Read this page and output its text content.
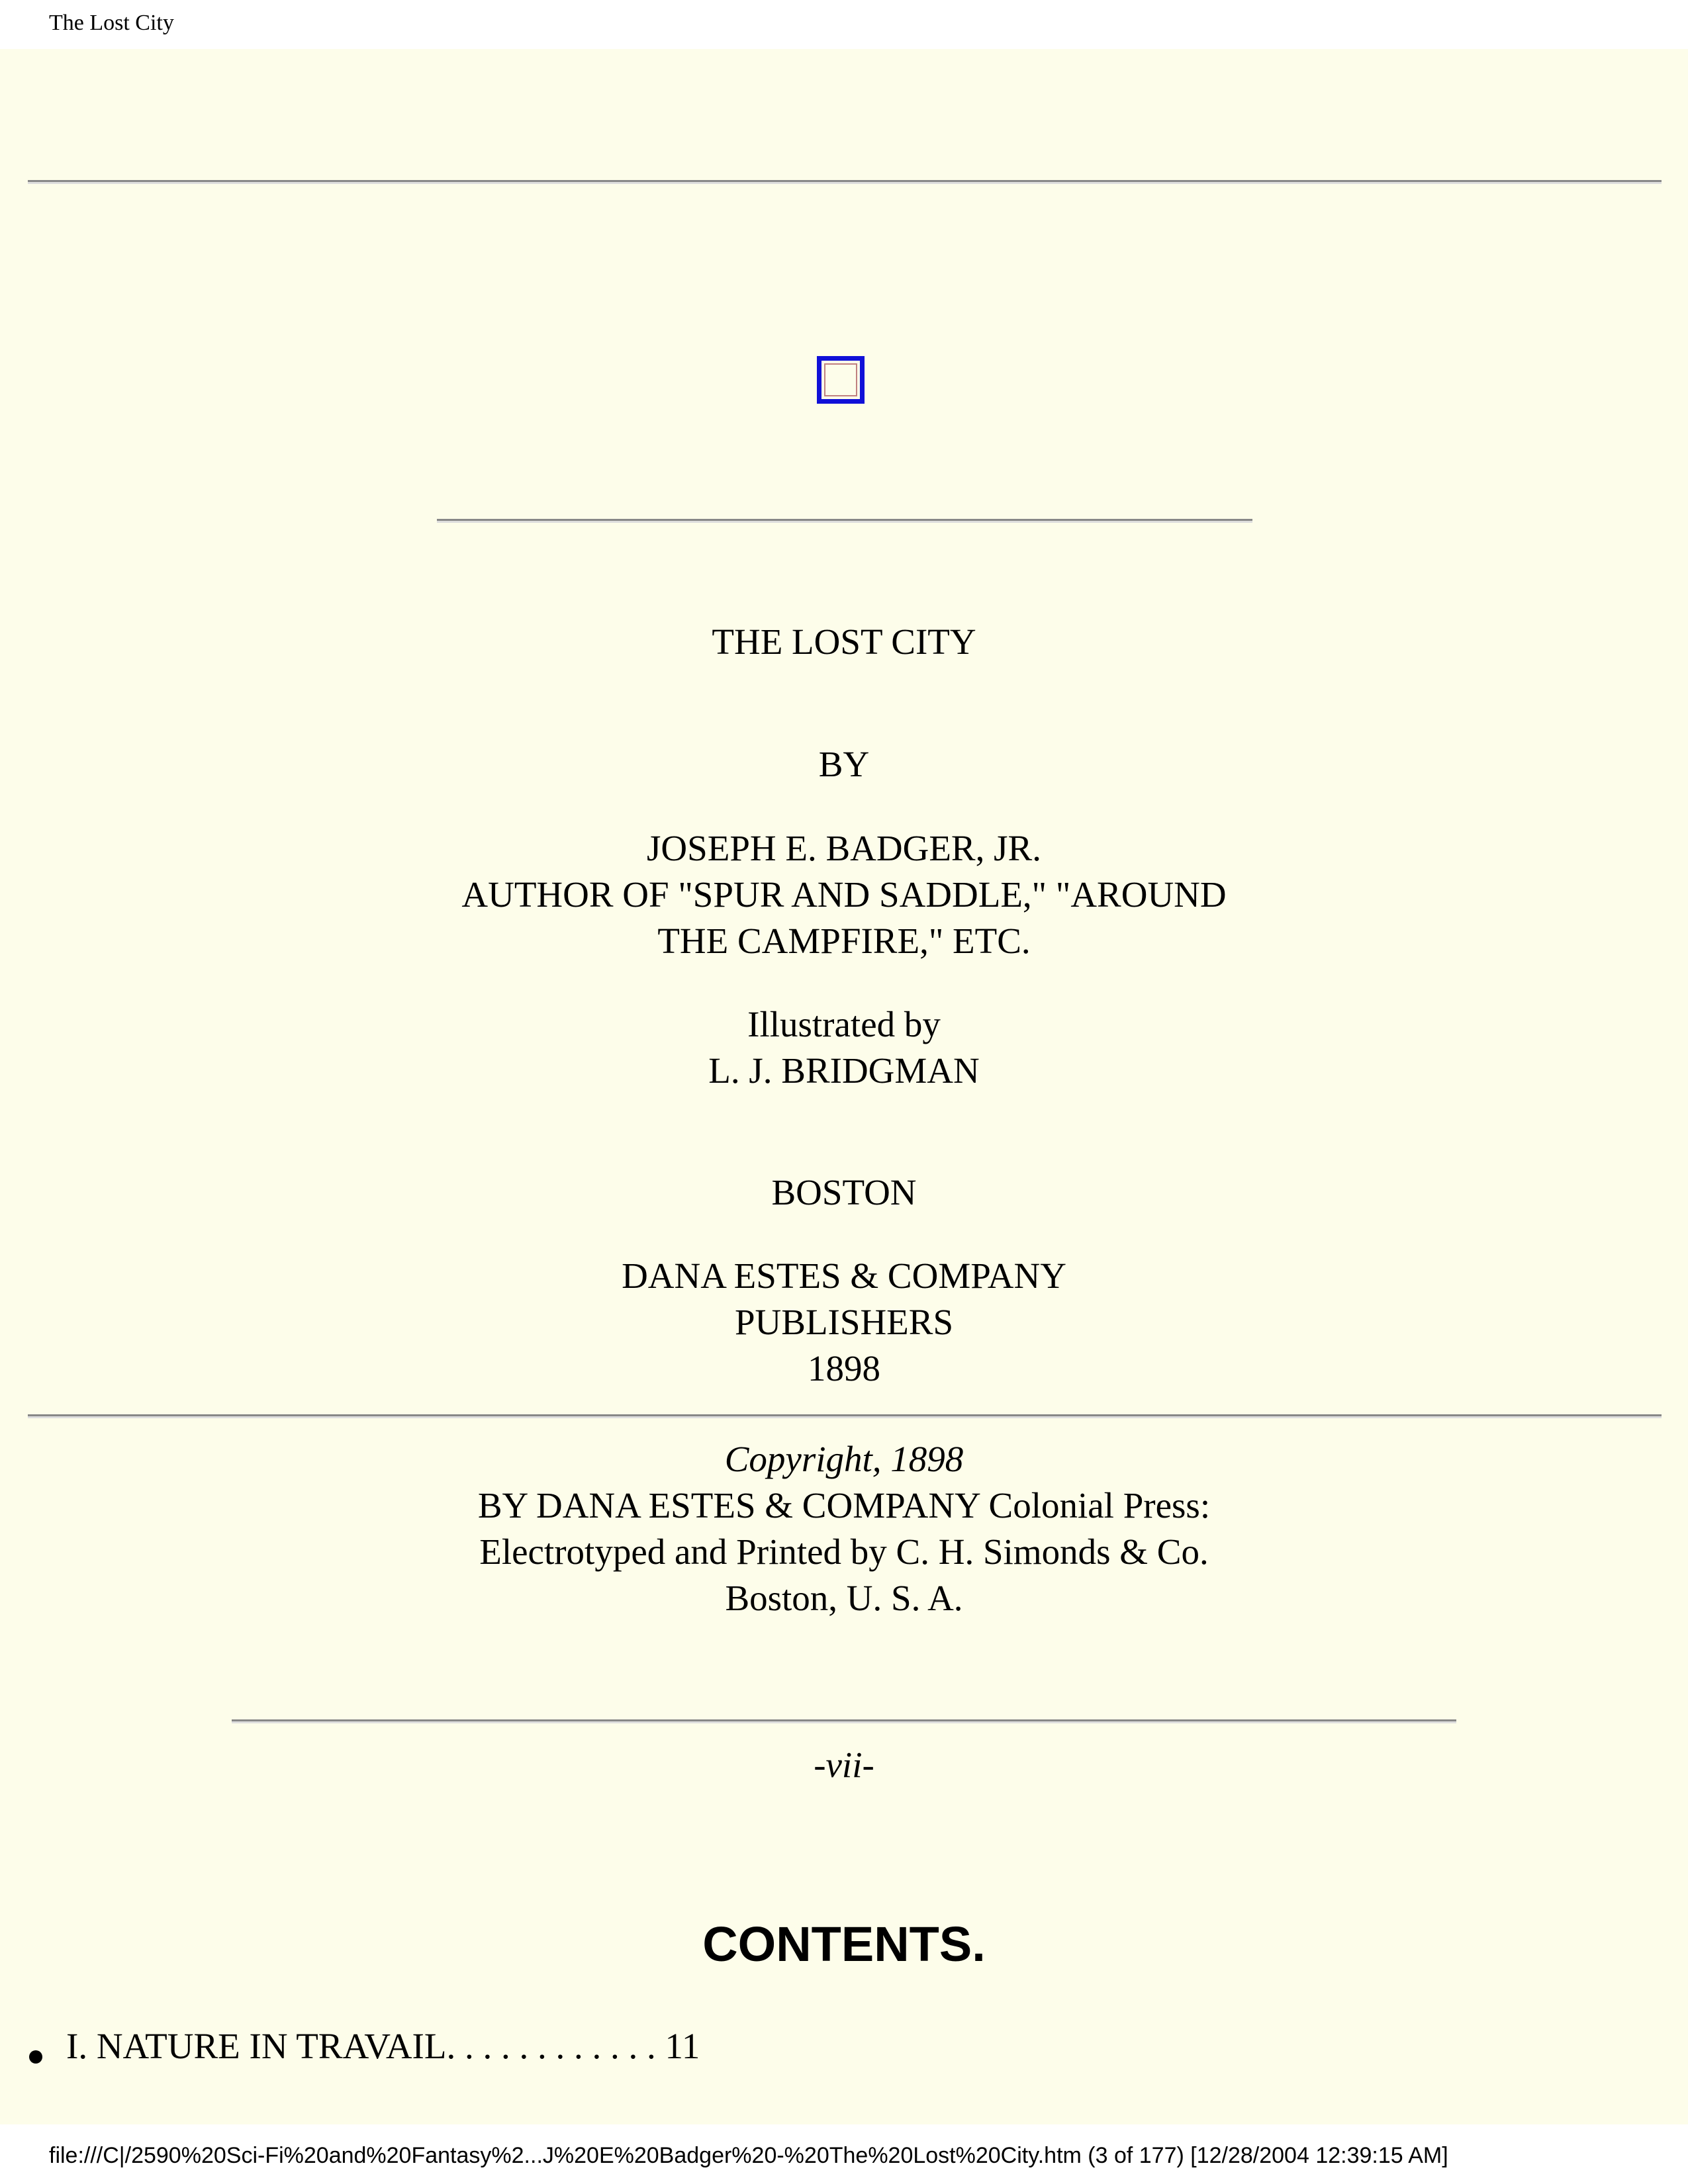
The Lost City
THE LOST CITY
BY
JOSEPH E. BADGER, JR.
AUTHOR OF "SPUR AND SADDLE," "AROUND
THE CAMPFIRE," ETC.
Illustrated by
L. J. BRIDGMAN
BOSTON
DANA ESTES & COMPANY
PUBLISHERS
1898
Copyright, 1898
BY DANA ESTES & COMPANY Colonial Press:
Electrotyped and Printed by C. H. Simonds & Co.
Boston, U. S. A.
-vii-
CONTENTS.
I. NATURE IN TRAVAIL. . . . . . . . . . . . 11
file:///C|/2590%20Sci-Fi%20and%20Fantasy%2...J%20E%20Badger%20-%20The%20Lost%20City.htm (3 of 177) [12/28/2004 12:39:15 AM]
